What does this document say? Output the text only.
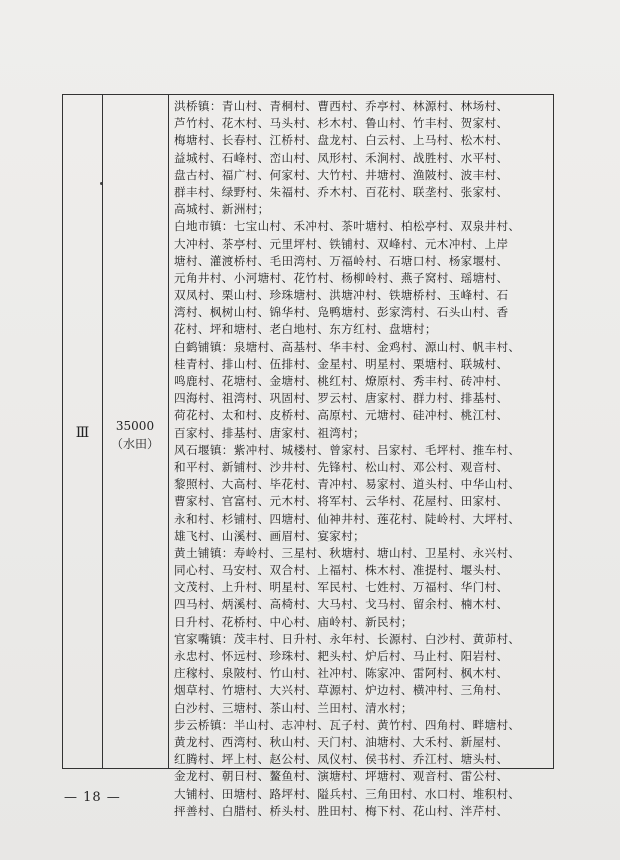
Ⅲ	35000
（水田）
洪桥镇：青山村、青桐村、曹西村、乔亭村、林源村、林场村、
芦竹村、花木村、马头村、杉木村、鲁山村、竹丰村、贺家村、
梅塘村、长春村、江桥村、盘龙村、白云村、上马村、松木村、
益城村、石峰村、峦山村、凤形村、禾涧村、战胜村、水平村、
盘古村、福广村、何家村、大竹村、井塘村、渔陂村、波丰村、
群丰村、绿野村、朱福村、乔木村、百花村、联垄村、张家村、
高城村、新洲村；
白地市镇：七宝山村、禾冲村、茶叶塘村、柏松亭村、双泉井村、
大冲村、茶亭村、元里坪村、铁铺村、双峰村、元木冲村、上岸
塘村、灌渡桥村、毛田湾村、万福岭村、石塘口村、杨家堰村、
元角井村、小河塘村、花竹村、杨柳岭村、燕子窝村、瑶塘村、
双凤村、栗山村、珍珠塘村、洪塘冲村、铁塘桥村、玉峰村、石
湾村、枫树山村、锦华村、凫鸭塘村、彭家湾村、石头山村、香
花村、坪和塘村、老白地村、东方红村、盘塘村；
白鹤铺镇：泉塘村、高基村、华丰村、金鸡村、源山村、帆丰村、
桂青村、排山村、伍排村、金星村、明星村、栗塘村、联城村、
鸣鹿村、花塘村、金塘村、桃红村、燎原村、秀丰村、砖冲村、
四海村、祖湾村、巩固村、罗云村、唐家村、群力村、排基村、
荷花村、太和村、皮桥村、高原村、元塘村、硅冲村、桃江村、
百家村、排基村、唐家村、祖湾村；
风石堰镇：紫冲村、城楼村、曾家村、吕家村、毛坪村、推车村、
和平村、新铺村、沙井村、先锋村、松山村、邓公村、观音村、
黎照村、大高村、毕花村、青冲村、易家村、道头村、中华山村、
曹家村、官富村、元木村、将军村、云华村、花屋村、田家村、
永和村、杉铺村、四塘村、仙神井村、莲花村、陡岭村、大坪村、
雄飞村、山溪村、画眉村、宴家村；
黄土铺镇：寿岭村、三星村、秋塘村、塘山村、卫星村、永兴村、
同心村、马安村、双合村、上福村、株木村、准提村、堰头村、
文茂村、上升村、明星村、军民村、七姓村、万福村、华门村、
四马村、炳溪村、高椅村、大马村、戈马村、留余村、楠木村、
日升村、花桥村、中心村、庙岭村、新民村；
官家嘴镇：茂丰村、日升村、永年村、长源村、白沙村、黄茆村、
永忠村、怀远村、珍珠村、耙头村、炉后村、马止村、阳岩村、
庄稼村、泉陂村、竹山村、社冲村、陈家冲、雷阿村、枫木村、
烟草村、竹塘村、大兴村、草源村、炉边村、横冲村、三角村、
白沙村、三塘村、茶山村、兰田村、清水村；
步云桥镇：半山村、志冲村、瓦子村、黄竹村、四角村、畔塘村、
黄龙村、西湾村、秋山村、天门村、油塘村、大禾村、新屋村、
红腾村、坪上村、赵公村、凤仪村、侯书村、乔江村、塘头村、
金龙村、朝日村、鳌鱼村、演塘村、坪塘村、观音村、雷公村、
大铺村、田塘村、路坪村、隘兵村、三角田村、水口村、堆积村、
抨善村、白腊村、桥头村、胜田村、梅下村、花山村、泮芹村、
— 18 —
